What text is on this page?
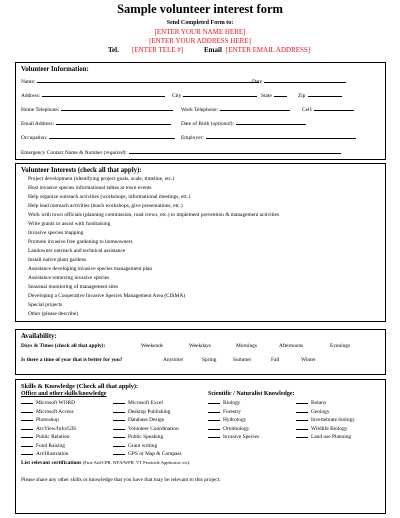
Sample volunteer interest form
Send Completed Form to:
[ENTER YOUR NAME HERE]
[ENTER YOUR ADDRESS HERE]
Tel. [ENTER TELE #]	Email [ENTER EMAIL ADDRESS]
Volunteer Information:
Name:	Date
Address:	City	State	Zip
Home Telephone:	Work Telephone:	Cell:
Email Address:	Date of Birth (optional):
Occupation:	Employer:
Emergency Contact Name & Number (required):
Volunteer Interests (check all that apply):
Project development (identifying project goals, scale, timeline, etc.)
Host invasive species informational tables at town events
Help organize outreach activities (workshops, informational meetings, etc.)
Help lead outreach activities (teach workshops, give presentations, etc.)
Work with town officials (planning commission, road crews, etc.) to implement prevention & management activities
Write grants or assist with fundraising
Invasive species mapping
Promote invasive free gardening to homeowners
Landowner outreach and technical assistance
Install native plant gardens
Assistance developing invasive species management plan
Assistance removing invasive species
Seasonal monitoring of management sites
Developing a Cooperative Invasive Species Management Area (CISMA)
Special projects
Other (please describe)
Availability:
Days & Times (check all that apply):	Weekends	Weekdays	Mornings	Afternoons	Evenings
Is there a time of year that is better for you?	Anytime!	Spring	Summer	Fall	Winter
Skills & Knowledge (Check all that apply):
Office and other skills/knowledge	Scientific / Naturalist Knowledge:
Microsoft WORD
Microsoft Access
Photoshop
ArcView/Info/GIS
Public Relation
Fund Raising
Art/Illustration
Microsoft Excel
Desktop Publishing
Database Design
Volunteer Coordination
Public Speaking
Grant writing
GPS or Map & Compass
Biology
Forestry
Hydrology
Ornithology
Invasive Species
Botany
Geology
Invertebrate biology
Wildlife Biology
Land use Planning
List relevant certifications (First Aid/CPR, WFA/WFR, VT Pesticide Applicator, etc):
Please share any other skills or knowledge that you have that may be relevant to this project.
